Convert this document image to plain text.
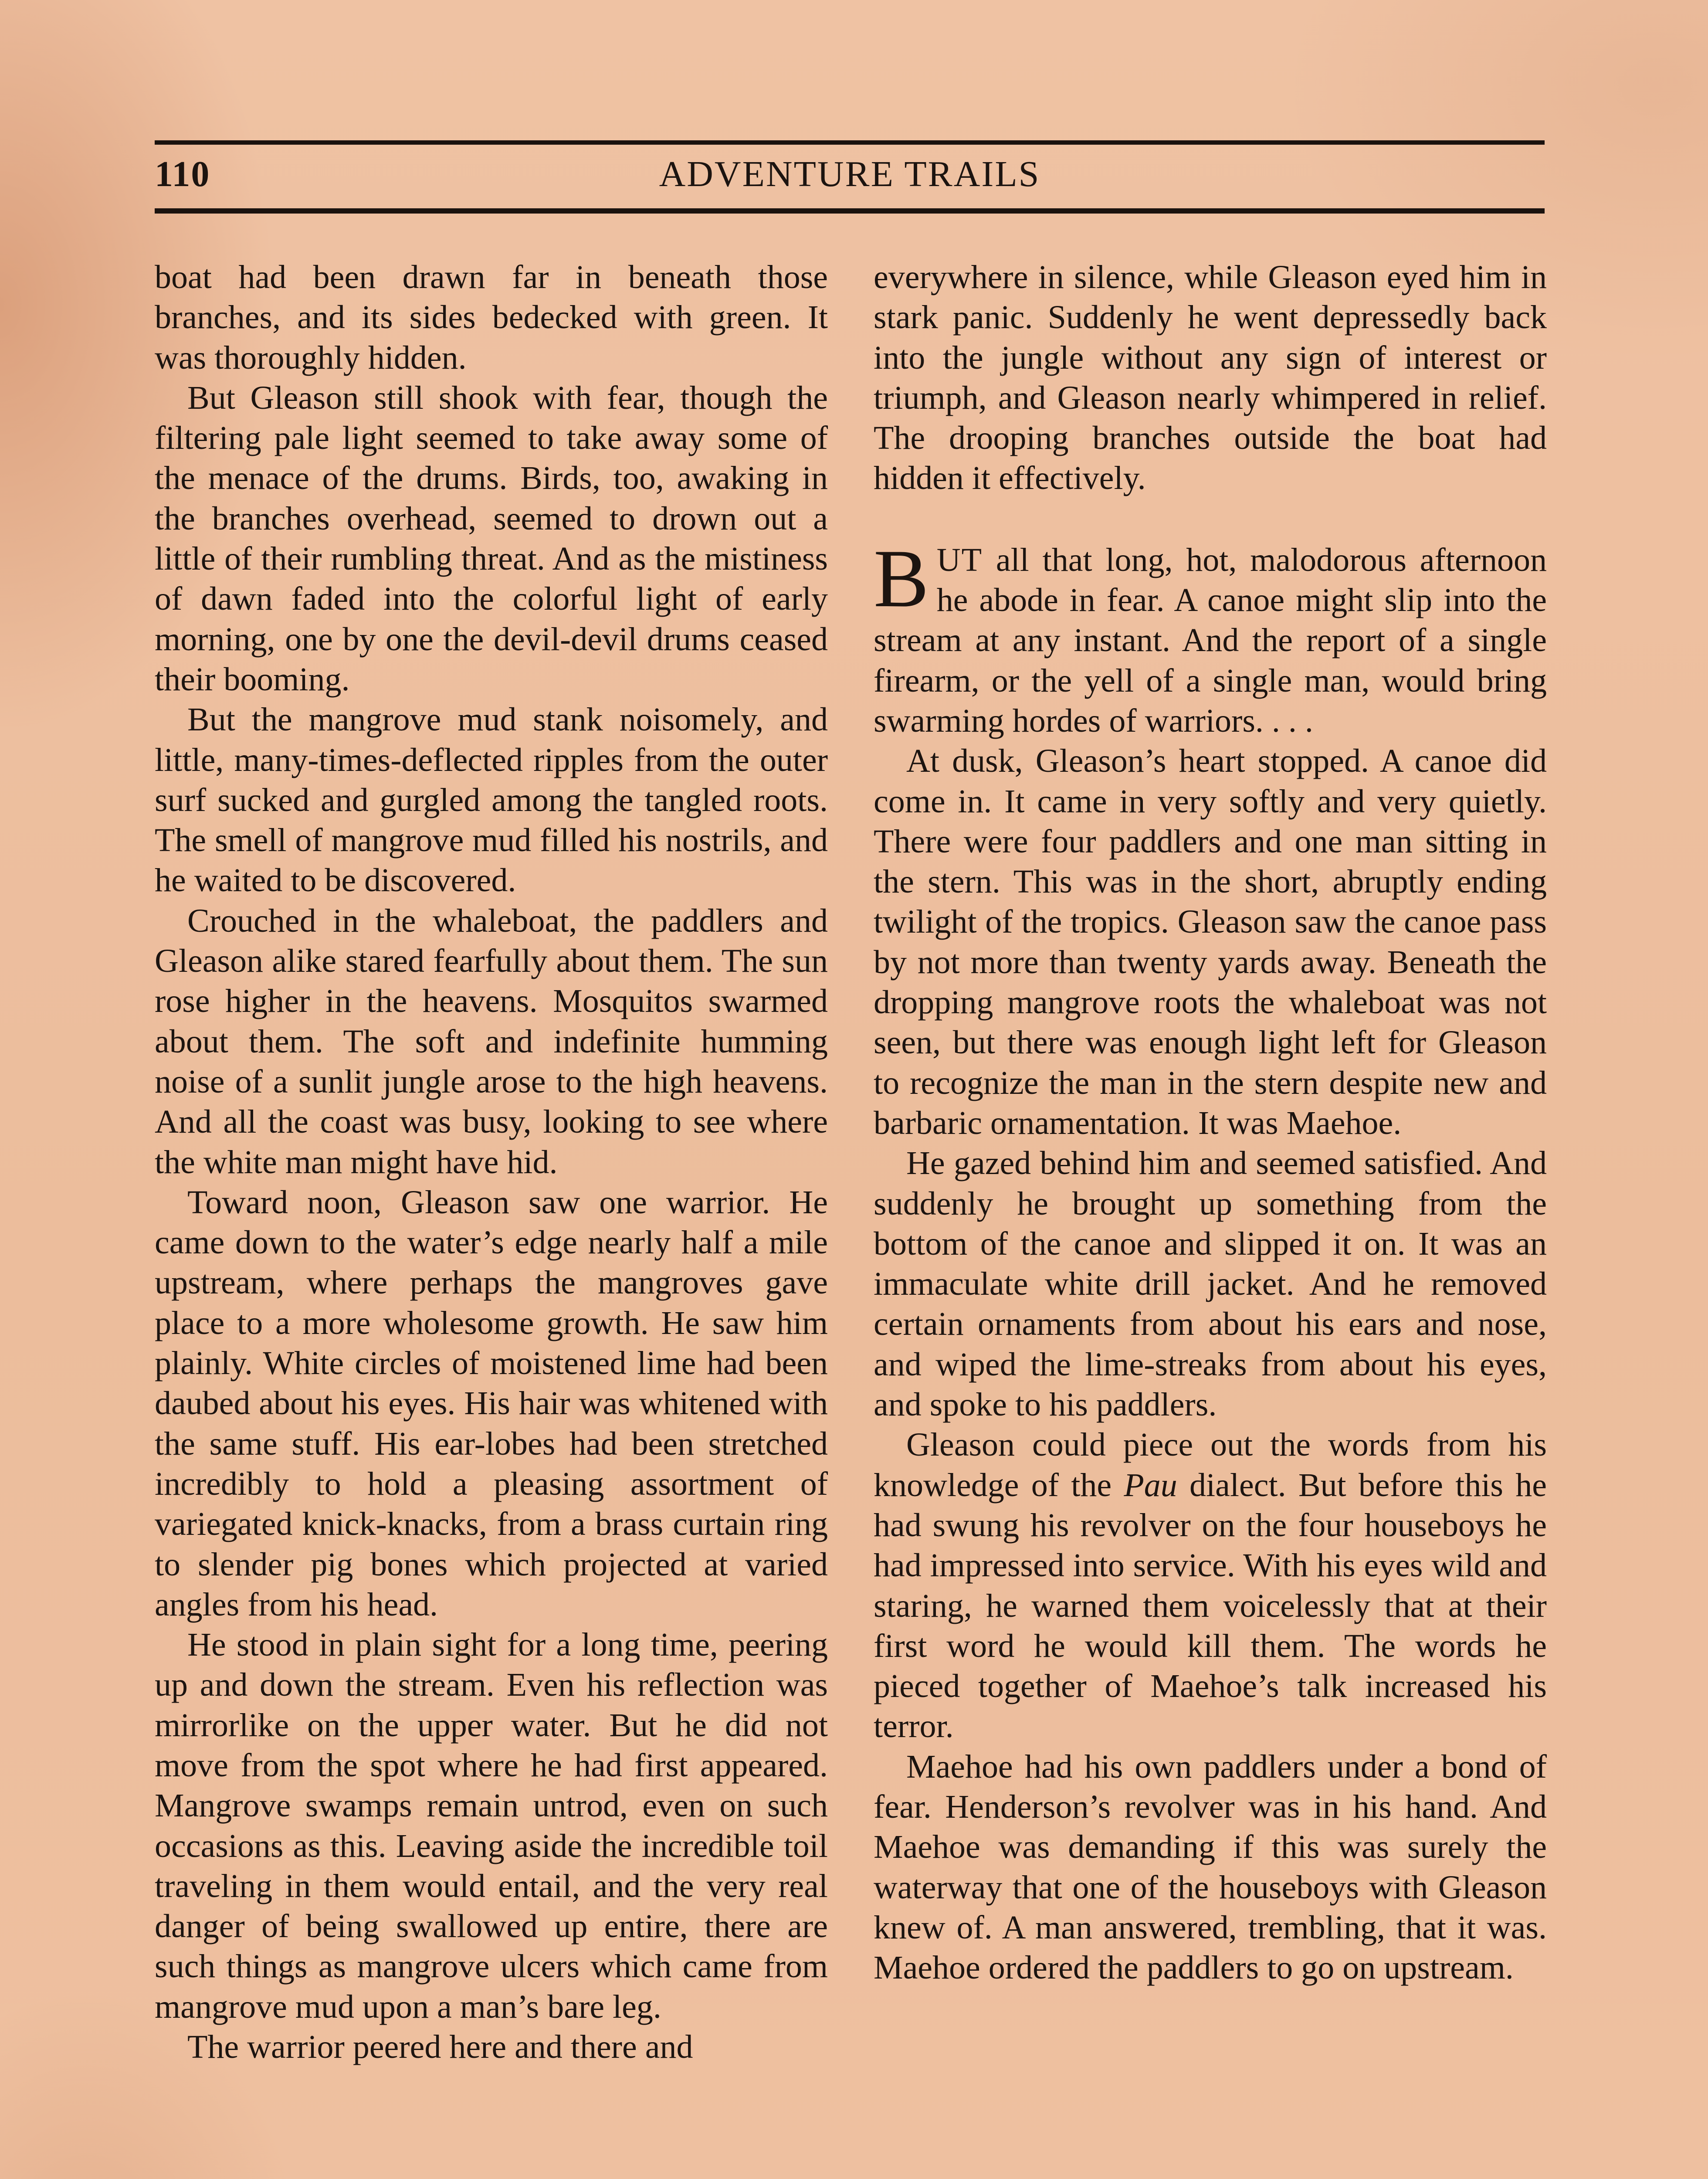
110	ADVENTURE TRAILS

boat had been drawn far in beneath those branches, and its sides bedecked with green. It was thoroughly hidden.

But Gleason still shook with fear, though the filtering pale light seemed to take away some of the menace of the drums. Birds, too, awaking in the branches overhead, seemed to drown out a little of their rumbling threat. And as the mistiness of dawn faded into the colorful light of early morning, one by one the devil-devil drums ceased their booming.

But the mangrove mud stank noisomely, and little, many-times-deflected ripples from the outer surf sucked and gurgled among the tangled roots. The smell of mangrove mud filled his nostrils, and he waited to be discovered.

Crouched in the whaleboat, the paddlers and Gleason alike stared fearfully about them. The sun rose higher in the heavens. Mosquitos swarmed about them. The soft and indefinite humming noise of a sunlit jungle arose to the high heavens. And all the coast was busy, looking to see where the white man might have hid.

Toward noon, Gleason saw one warrior. He came down to the water’s edge nearly half a mile upstream, where perhaps the mangroves gave place to a more wholesome growth. He saw him plainly. White circles of moistened lime had been daubed about his eyes. His hair was whitened with the same stuff. His ear-lobes had been stretched incredibly to hold a pleasing assortment of variegated knick-knacks, from a brass curtain ring to slender pig bones which projected at varied angles from his head.

He stood in plain sight for a long time, peering up and down the stream. Even his reflection was mirrorlike on the upper water. But he did not move from the spot where he had first appeared. Mangrove swamps remain untrod, even on such occasions as this. Leaving aside the incredible toil traveling in them would entail, and the very real danger of being swallowed up entire, there are such things as mangrove ulcers which came from mangrove mud upon a man’s bare leg.

The warrior peered here and there and

everywhere in silence, while Gleason eyed him in stark panic. Suddenly he went depressedly back into the jungle without any sign of interest or triumph, and Gleason nearly whimpered in relief. The drooping branches outside the boat had hidden it effectively.

BUT all that long, hot, malodorous afternoon he abode in fear. A canoe might slip into the stream at any instant. And the report of a single firearm, or the yell of a single man, would bring swarming hordes of warriors. . . .

At dusk, Gleason’s heart stopped. A canoe did come in. It came in very softly and very quietly. There were four paddlers and one man sitting in the stern. This was in the short, abruptly ending twilight of the tropics. Gleason saw the canoe pass by not more than twenty yards away. Beneath the dropping mangrove roots the whaleboat was not seen, but there was enough light left for Gleason to recognize the man in the stern despite new and barbaric ornamentation. It was Maehoe.

He gazed behind him and seemed satisfied. And suddenly he brought up something from the bottom of the canoe and slipped it on. It was an immaculate white drill jacket. And he removed certain ornaments from about his ears and nose, and wiped the lime-streaks from about his eyes, and spoke to his paddlers.

Gleason could piece out the words from his knowledge of the Pau dialect. But before this he had swung his revolver on the four houseboys he had impressed into service. With his eyes wild and staring, he warned them voicelessly that at their first word he would kill them. The words he pieced together of Maehoe’s talk increased his terror.

Maehoe had his own paddlers under a bond of fear. Henderson’s revolver was in his hand. And Maehoe was demanding if this was surely the waterway that one of the houseboys with Gleason knew of. A man answered, trembling, that it was. Maehoe ordered the paddlers to go on upstream.
